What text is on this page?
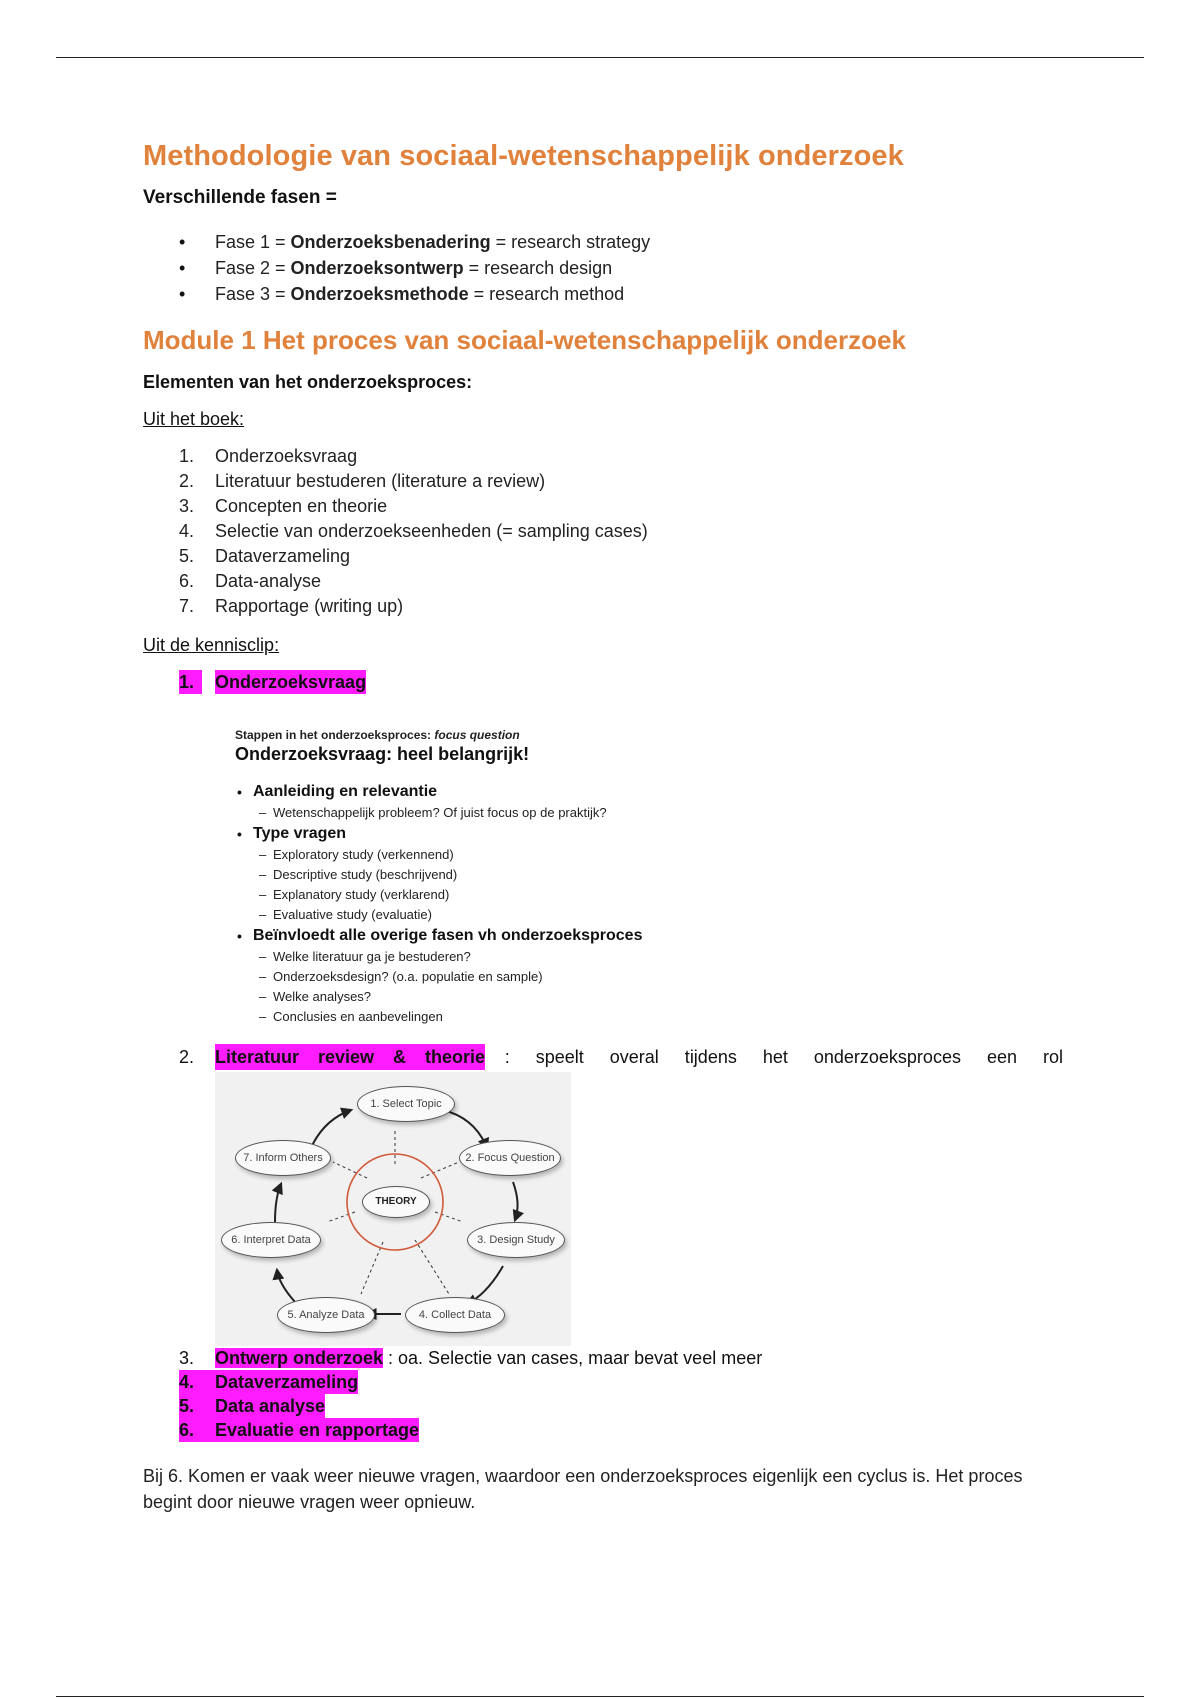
Methodologie van sociaal-wetenschappelijk onderzoek
Verschillende fasen =
• Fase 1 = Onderzoeksbenadering = research strategy
• Fase 2 = Onderzoeksontwerp = research design
• Fase 3 = Onderzoeksmethode = research method
Module 1 Het proces van sociaal-wetenschappelijk onderzoek
Elementen van het onderzoeksproces:
Uit het boek:
1. Onderzoeksvraag
2. Literatuur bestuderen (literature a review)
3. Concepten en theorie
4. Selectie van onderzoekseenheden (= sampling cases)
5. Dataverzameling
6. Data-analyse
7. Rapportage (writing up)
Uit de kennisclip:
1.	Onderzoeksvraag
Stappen in het onderzoeksproces: focus question
Onderzoeksvraag: heel belangrijk!
• Aanleiding en relevantie
– Wetenschappelijk probleem? Of juist focus op de praktijk?
• Type vragen
– Exploratory study (verkennend)
– Descriptive study (beschrijvend)
– Explanatory study (verklarend)
– Evaluative study (evaluatie)
• Beïnvloedt alle overige fasen vh onderzoeksproces
– Welke literatuur ga je bestuderen?
– Onderzoeksdesign? (o.a. populatie en sample)
– Welke analyses?
– Conclusies en aanbevelingen
2. Literatuur review & theorie : speelt overal tijdens het onderzoeksproces een rol
1. Select Topic
2. Focus Question
3. Design Study
4. Collect Data
5. Analyze Data
6. Interpret Data
7. Inform Others
THEORY
3. Ontwerp onderzoek : oa. Selectie van cases, maar bevat veel meer
4.	Dataverzameling
5.	Data analyse
6.	Evaluatie en rapportage
Bij 6. Komen er vaak weer nieuwe vragen, waardoor een onderzoeksproces eigenlijk een cyclus is. Het proces begint door nieuwe vragen weer opnieuw.
